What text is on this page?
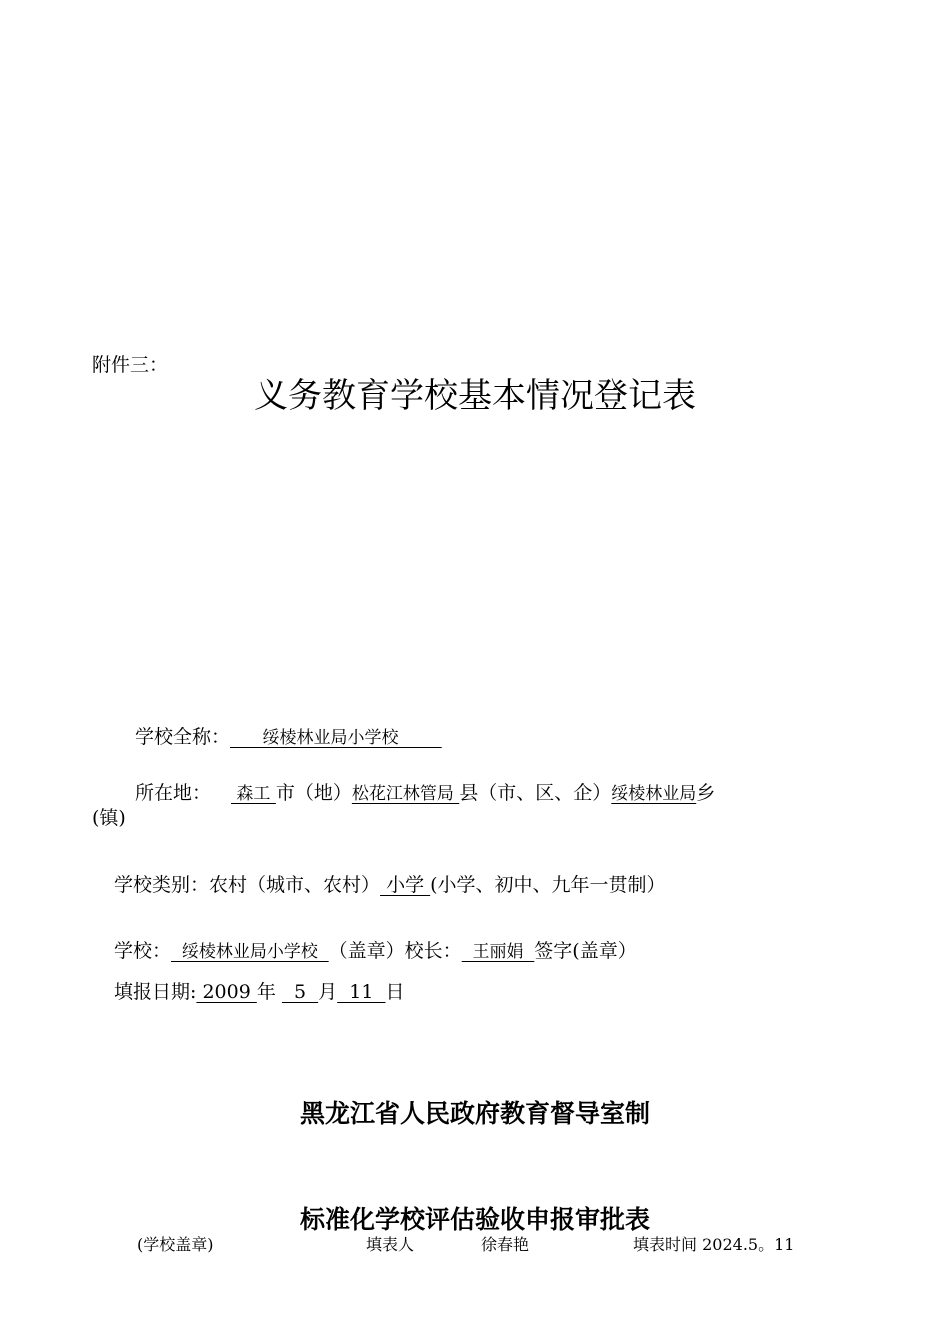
附件三：
义务教育学校基本情况登记表
学校全称：      绥棱林业局小学校
所在地： 森工 市（地）松花江林管局 县（市、区、企）绥棱林业局乡
(镇)
学校类别：农村（城市、农村） 小学 (小学、初中、九年一贯制）
学校：  绥棱林业局小学校  （盖章）校长：  王丽娟  签字(盖章）
填报日期: 2009 年   5  月  11  日
黑龙江省人民政府教育督导室制
标准化学校评估验收申报审批表
(学校盖章)	填表人	徐春艳	填表时间 2024.5。11
